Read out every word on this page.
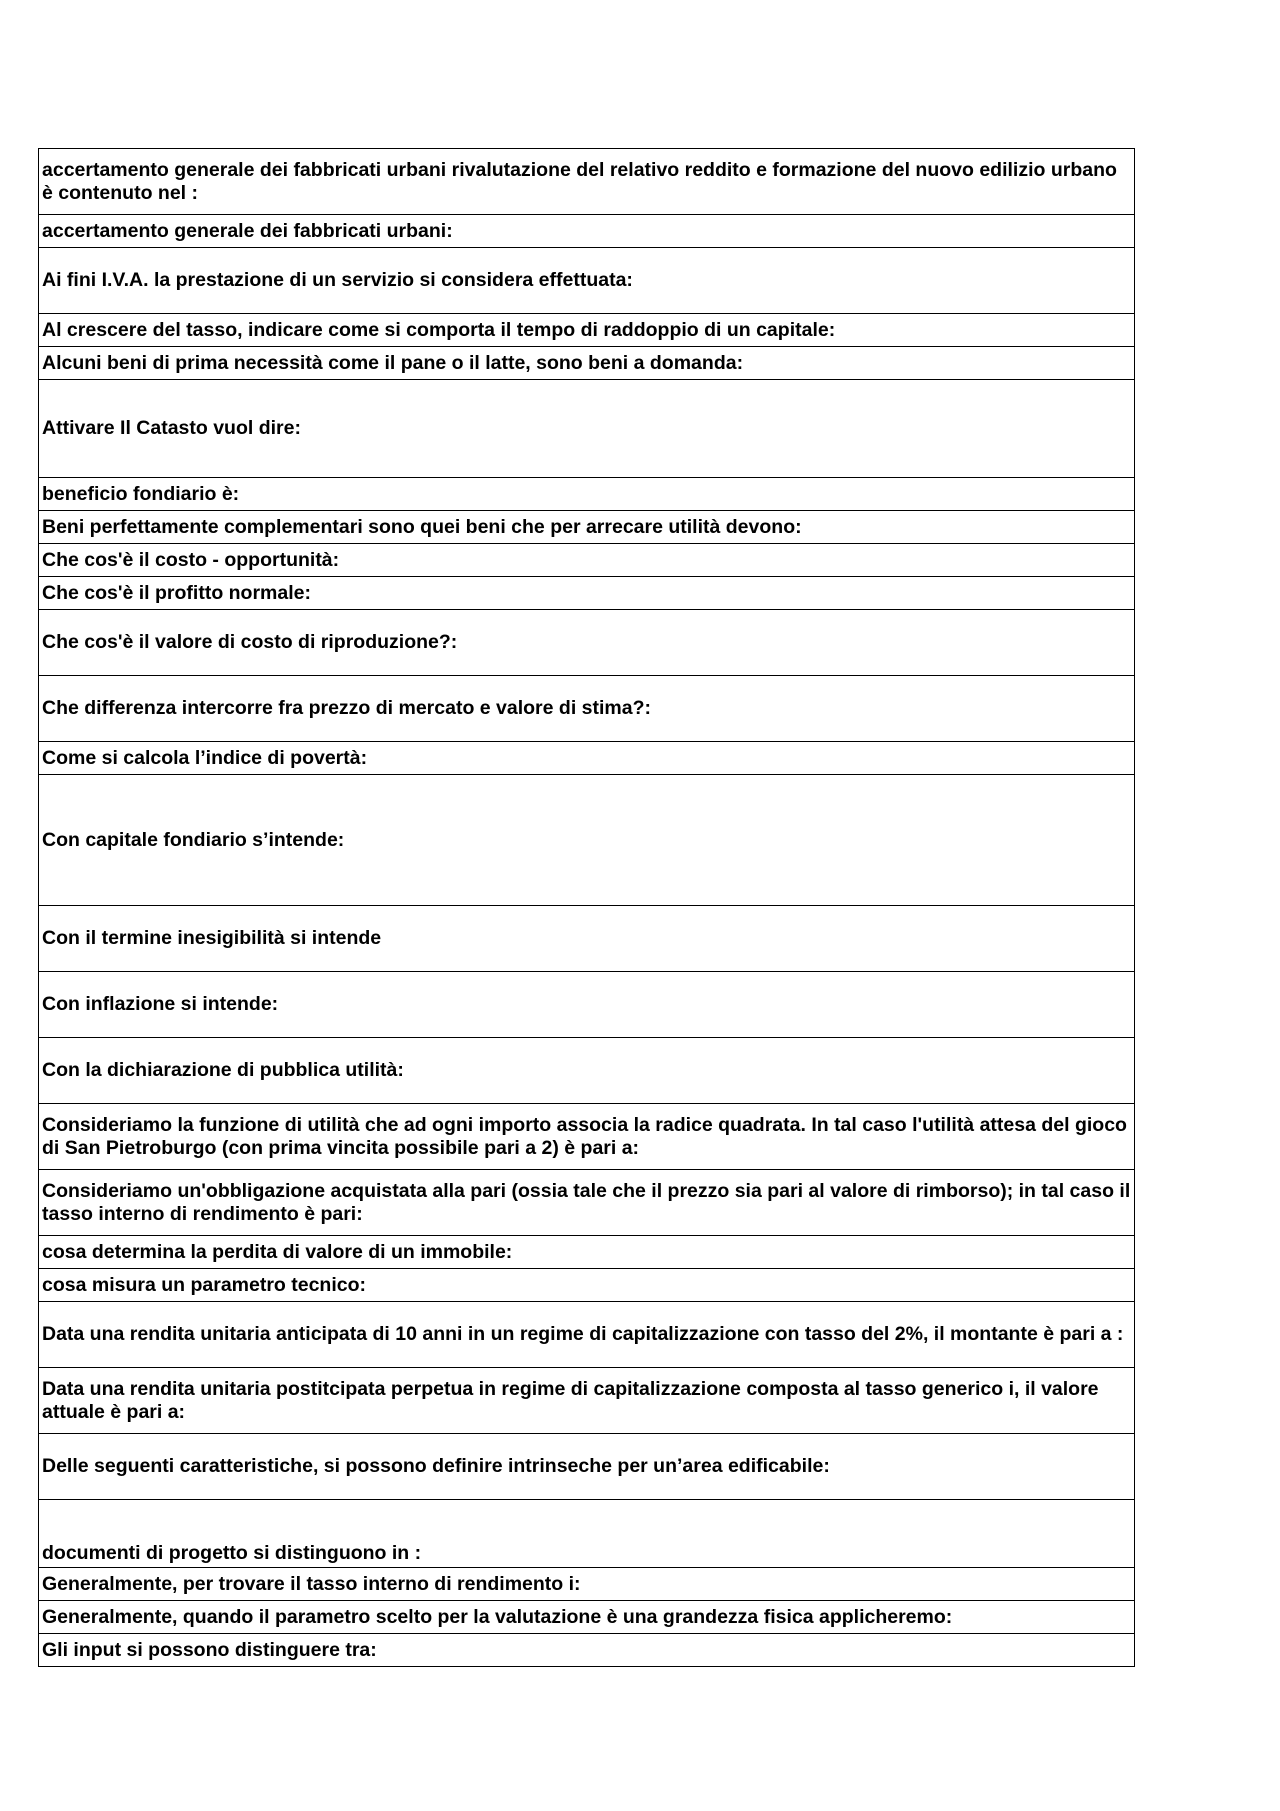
accertamento generale dei fabbricati urbani rivalutazione del relativo reddito e formazione del nuovo edilizio urbano è contenuto nel :
accertamento generale dei fabbricati urbani:
Ai fini I.V.A. la prestazione di un servizio si considera effettuata:
Al crescere del tasso, indicare come si comporta il tempo di raddoppio di un capitale:
Alcuni beni di prima necessità come il pane o il latte, sono beni a domanda:
Attivare Il Catasto vuol dire:
beneficio fondiario è:
Beni perfettamente complementari sono quei beni che per arrecare utilità devono:
Che cos'è il costo - opportunità:
Che cos'è il profitto normale:
Che cos'è il valore di costo di riproduzione?:
Che differenza intercorre fra prezzo di mercato e valore di stima?:
Come si calcola l’indice di povertà:
Con capitale fondiario s’intende:
Con il termine inesigibilità si intende
Con inflazione si intende:
Con la dichiarazione di pubblica utilità:
Consideriamo la funzione di utilità che ad ogni importo associa la radice quadrata. In tal caso l'utilità attesa del gioco di San Pietroburgo (con prima vincita possibile pari a 2) è pari a:
Consideriamo un'obbligazione acquistata alla pari (ossia tale che il prezzo sia pari al valore di rimborso); in tal caso il tasso interno di rendimento è pari:
cosa determina la perdita di valore di un immobile:
cosa misura un parametro tecnico:
Data una rendita unitaria anticipata di 10 anni in un regime di capitalizzazione con tasso del 2%, il montante è pari a :
Data una rendita unitaria postitcipata perpetua in regime di capitalizzazione composta al tasso generico i, il valore attuale è pari a:
Delle seguenti caratteristiche, si possono definire intrinseche per un’area edificabile:
documenti di progetto si distinguono in :
Generalmente, per trovare il tasso interno di rendimento i:
Generalmente, quando il parametro scelto per la valutazione è una grandezza fisica applicheremo:
Gli input si possono distinguere tra:
